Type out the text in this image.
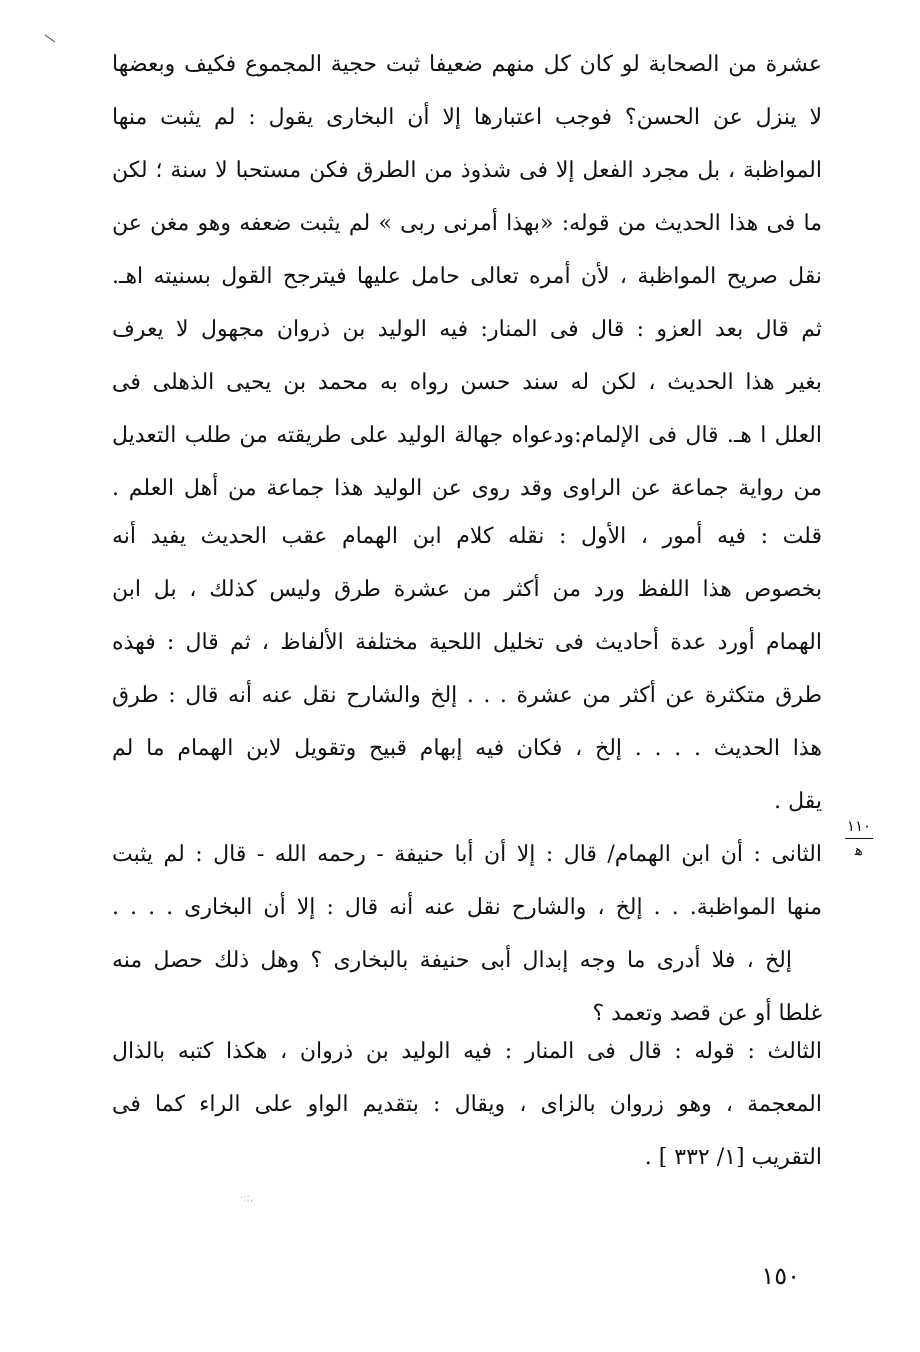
عشرة من الصحابة لو كان كل منهم ضعيفا ثبت حجية المجموع فكيف وبعضها
لا ينزل عن الحسن؟ فوجب اعتبارها إلا أن البخارى يقول : لم يثبت منها
المواظبة ، بل مجرد الفعل إلا فى شذوذ من الطرق فكن مستحبا لا سنة ؛ لكن
ما فى هذا الحديث من قوله: «بهذا أمرنى ربى » لم يثبت ضعفه وهو مغن عن
نقل صريح المواظبة ، لأن أمره تعالى حامل عليها فيترجح القول بسنيته اهـ.
ثم قال بعد العزو : قال فى المنار: فيه الوليد بن ذروان مجهول لا يعرف
بغير هذا الحديث ، لكن له سند حسن رواه به محمد بن يحيى الذهلى فى
العلل ا هـ. قال فى الإلمام:ودعواه جهالة الوليد على طريقته من طلب التعديل
من رواية جماعة عن الراوى وقد روى عن الوليد هذا جماعة من أهل العلم .
قلت : فيه أمور ، الأول : نقله كلام ابن الهمام عقب الحديث يفيد أنه
بخصوص هذا اللفظ ورد من أكثر من عشرة طرق وليس كذلك ، بل ابن
الهمام أورد عدة أحاديث فى تخليل اللحية مختلفة الألفاظ ، ثم قال : فهذه
طرق متكثرة عن أكثر من عشرة . . . إلخ والشارح نقل عنه أنه قال : طرق
هذا الحديث . . . . إلخ ، فكان فيه إبهام قبيح وتقويل لابن الهمام ما لم
يقل .
الثانى : أن ابن الهمام/ قال : إلا أن أبا حنيفة - رحمه الله - قال : لم يثبت
منها المواظبة. . . إلخ ، والشارح نقل عنه أنه قال : إلا أن البخارى . . . .
إلخ ، فلا أدرى ما وجه إبدال أبى حنيفة بالبخارى ؟ وهل ذلك حصل منه
غلطا أو عن قصد وتعمد ؟
الثالث : قوله : قال فى المنار : فيه الوليد بن ذروان ، هكذا كتبه بالذال
المعجمة ، وهو زروان بالزاى ، ويقال : بتقديم الواو على الراء كما فى
التقريب [١/ ٣٣٢ ] .
١١٠
ﻫ
·:;,
١٥٠
